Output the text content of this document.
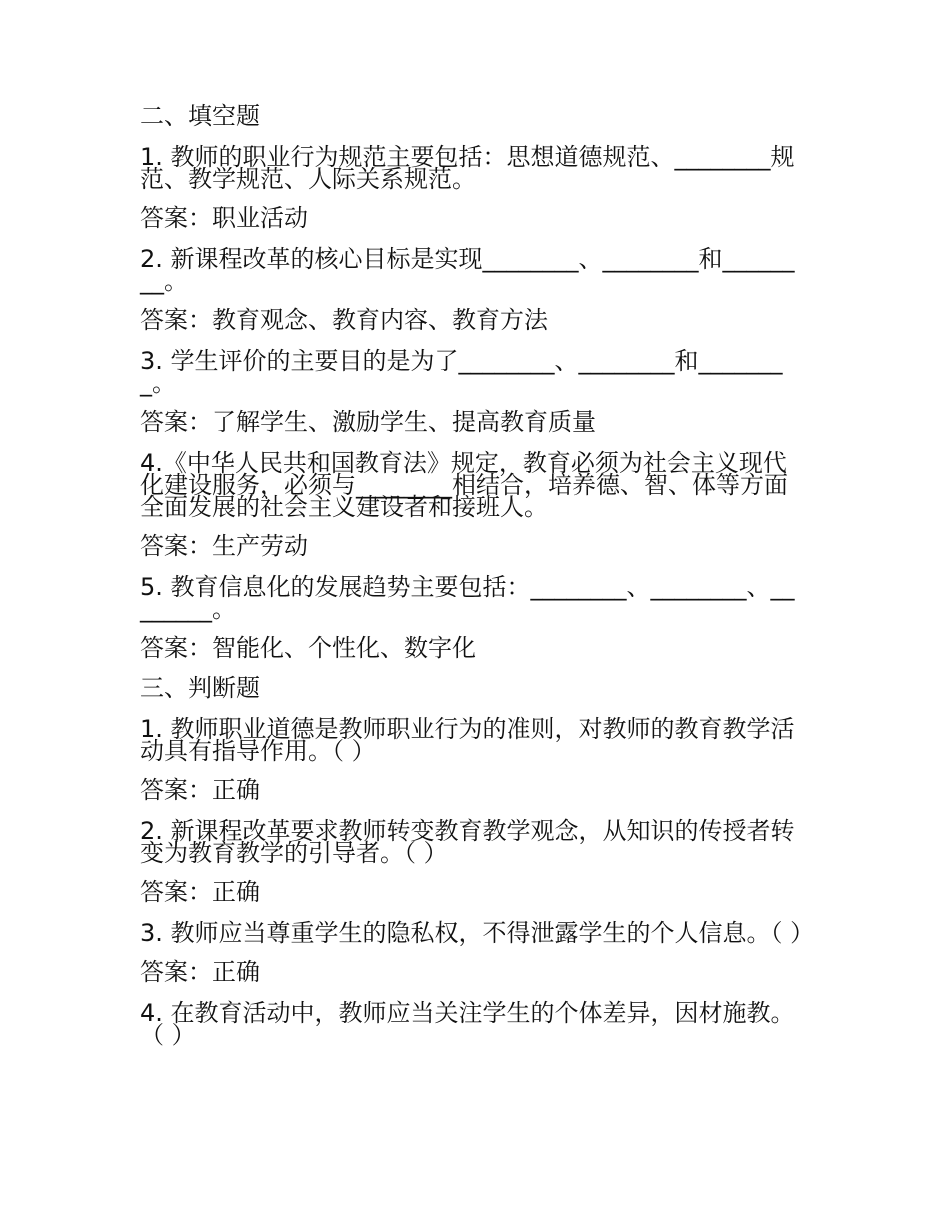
二、填空题
1. 教师的职业行为规范主要包括：思想道德规范、________规范、教学规范、人际关系规范。
答案：职业活动
2. 新课程改革的核心目标是实现________、________和________。
答案：教育观念、教育内容、教育方法
3. 学生评价的主要目的是为了________、________和________。
答案：了解学生、激励学生、提高教育质量
4.《中华人民共和国教育法》规定，教育必须为社会主义现代化建设服务，必须与________相结合，培养德、智、体等方面全面发展的社会主义建设者和接班人。
答案：生产劳动
5. 教育信息化的发展趋势主要包括：________、________、________。
答案：智能化、个性化、数字化
三、判断题
1. 教师职业道德是教师职业行为的准则，对教师的教育教学活动具有指导作用。（ ）
答案：正确
2. 新课程改革要求教师转变教育教学观念，从知识的传授者转变为教育教学的引导者。（ ）
答案：正确
3. 教师应当尊重学生的隐私权，不得泄露学生的个人信息。（ ）
答案：正确
4. 在教育活动中，教师应当关注学生的个体差异，因材施教。（ ）
